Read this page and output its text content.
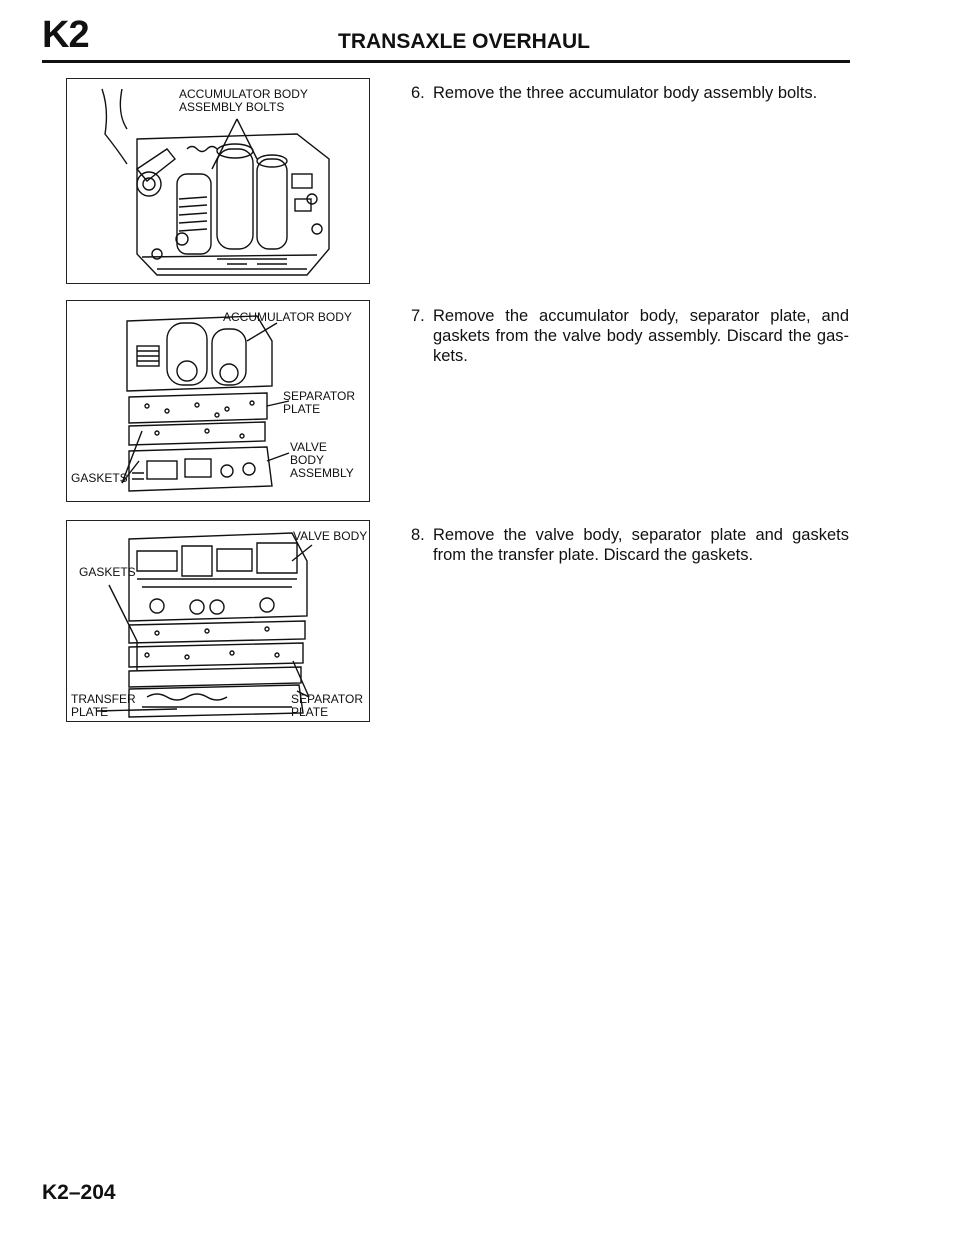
K2	TRANSAXLE OVERHAUL
ACCUMULATOR BODY
ASSEMBLY BOLTS
ACCUMULATOR BODY
SEPARATOR
PLATE
VALVE
BODY
ASSEMBLY
GASKETS
VALVE BODY
GASKETS
TRANSFER
PLATE
SEPARATOR
PLATE
6. Remove the three accumulator body assembly bolts.
7. Remove the accumulator body, separator plate, and gaskets from the valve body assembly. Discard the gas- kets.
8. Remove the valve body, separator plate and gaskets from the transfer plate. Discard the gaskets.
K2–204
